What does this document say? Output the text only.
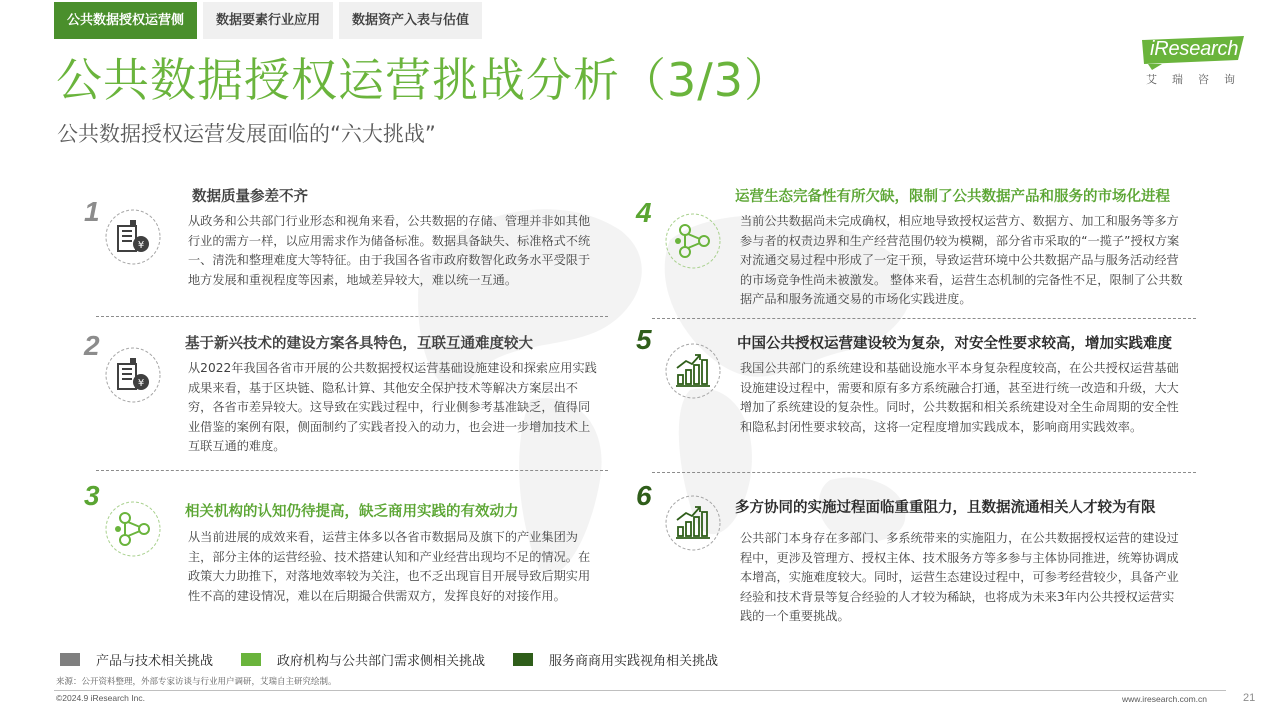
公共数据授权运营侧	数据要素行业应用	数据资产入表与估值
iResearch
艾瑞咨询
公共数据授权运营挑战分析（3/3）
公共数据授权运营发展面临的“六大挑战”
1
¥
数据质量参差不齐
从政务和公共部门行业形态和视角来看，公共数据的存储、管理并非如其他行业的需方一样，以应用需求作为储备标准。数据具备缺失、标准格式不统一、清洗和整理难度大等特征。由于我国各省市政府数智化政务水平受限于地方发展和重视程度等因素，地域差异较大，难以统一互通。
2
¥
基于新兴技术的建设方案各具特色，互联互通难度较大
从2022年我国各省市开展的公共数据授权运营基础设施建设和探索应用实践成果来看，基于区块链、隐私计算、其他安全保护技术等解决方案层出不穷，各省市差异较大。这导致在实践过程中，行业侧参考基准缺乏，值得同业借鉴的案例有限，侧面制约了实践者投入的动力，也会进一步增加技术上互联互通的难度。
3
相关机构的认知仍待提高，缺乏商用实践的有效动力
从当前进展的成效来看，运营主体多以各省市数据局及旗下的产业集团为主，部分主体的运营经验、技术搭建认知和产业经营出现均不足的情况。在政策大力助推下，对落地效率较为关注，也不乏出现盲目开展导致后期实用性不高的建设情况，难以在后期撮合供需双方，发挥良好的对接作用。
4	运营生态完备性有所欠缺，限制了公共数据产品和服务的市场化进程
当前公共数据尚未完成确权，相应地导致授权运营方、数据方、加工和服务等多方参与者的权责边界和生产经营范围仍较为模糊，部分省市采取的“一揽子”授权方案对流通交易过程中形成了一定干预，导致运营环境中公共数据产品与服务活动经营的市场竞争性尚未被激发。 整体来看，运营生态机制的完备性不足，限制了公共数据产品和服务流通交易的市场化实践进度。
5	中国公共授权运营建设较为复杂，对安全性要求较高，增加实践难度
我国公共部门的系统建设和基础设施水平本身复杂程度较高，在公共授权运营基础设施建设过程中，需要和原有多方系统融合打通，甚至进行统一改造和升级，大大增加了系统建设的复杂性。同时，公共数据和相关系统建设对全生命周期的安全性和隐私封闭性要求较高，这将一定程度增加实践成本，影响商用实践效率。
6	多方协同的实施过程面临重重阻力，且数据流通相关人才较为有限
公共部门本身存在多部门、多系统带来的实施阻力，在公共数据授权运营的建设过程中，更涉及管理方、授权主体、技术服务方等多参与主体协同推进，统筹协调成本增高，实施难度较大。同时，运营生态建设过程中，可参考经营较少，具备产业经验和技术背景等复合经验的人才较为稀缺，也将成为未来3年内公共授权运营实践的一个重要挑战。
产品与技术相关挑战	政府机构与公共部门需求侧相关挑战	服务商商用实践视角相关挑战
来源：公开资料整理，外部专家访谈与行业用户调研，艾瑞自主研究绘制。
©2024.9 iResearch Inc.	www.iresearch.com.cn	21
